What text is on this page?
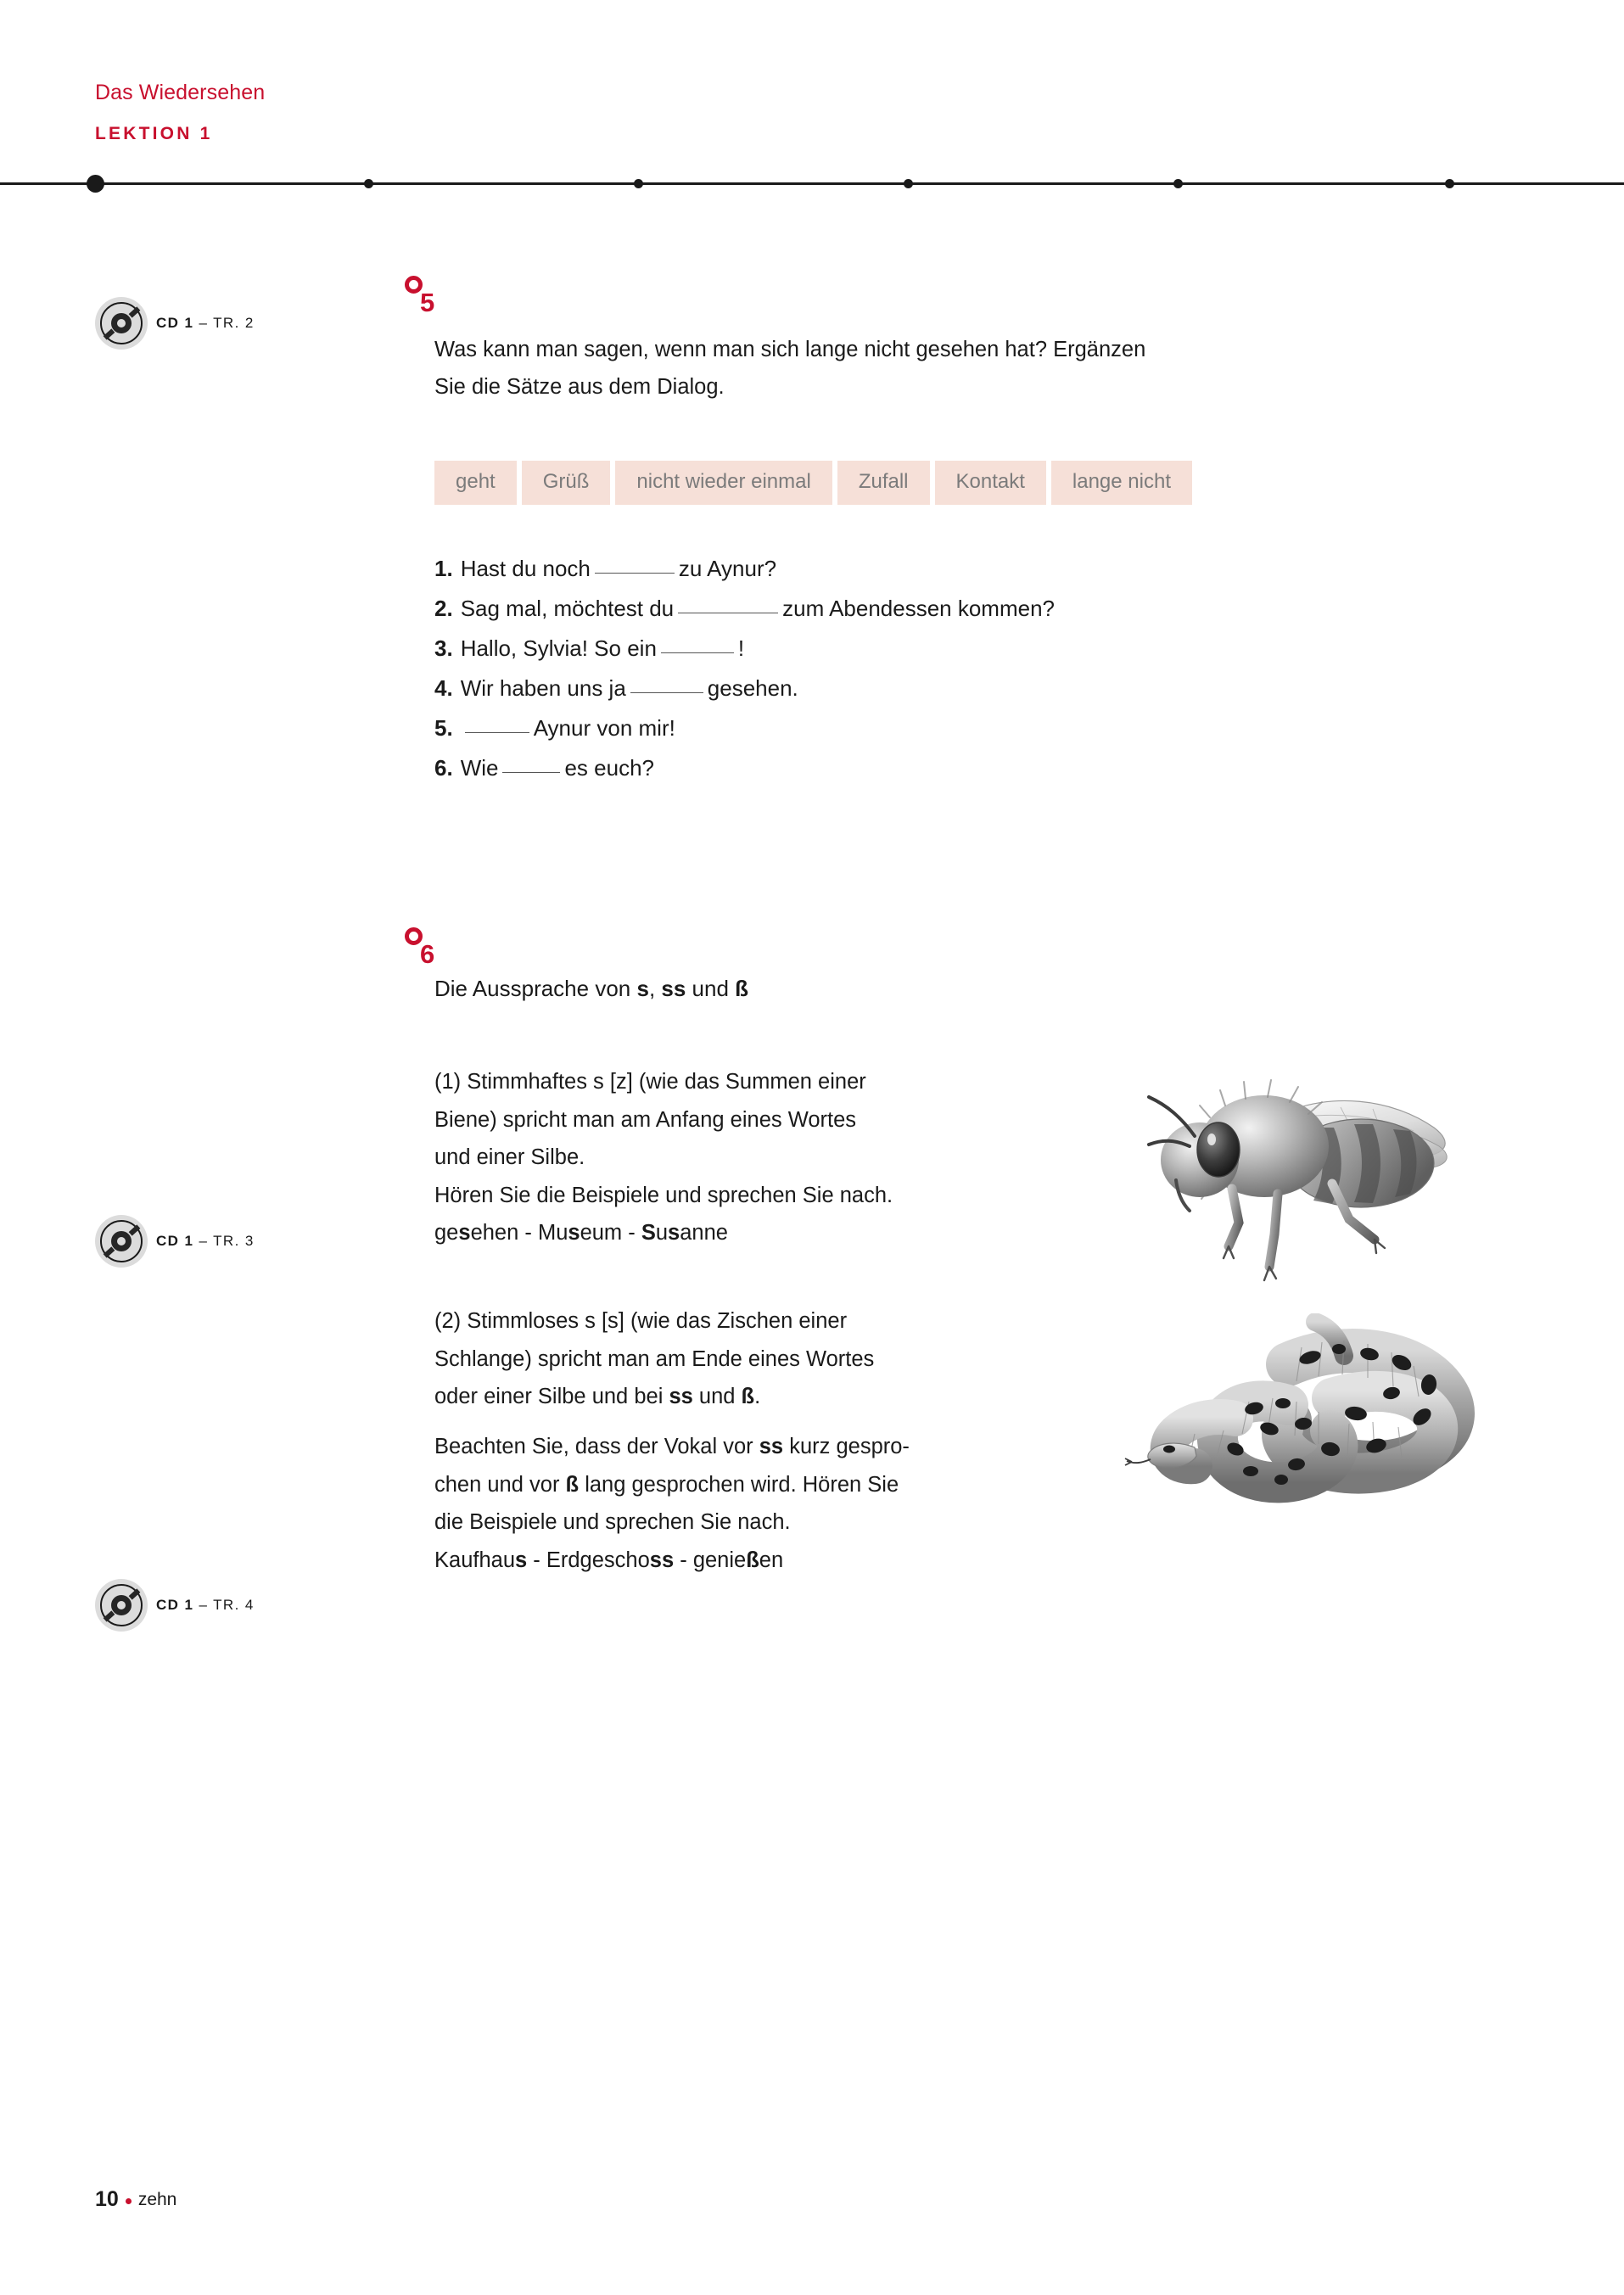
Das Wiedersehen
LEKTION 1
CD 1 – TR. 2
CD 1 – TR. 3
CD 1 – TR. 4
5
Was kann man sagen, wenn man sich lange nicht gesehen hat? Ergänzen
Sie die Sätze aus dem Dialog.
geht	Grüß	nicht wieder einmal	Zufall	Kontakt	lange nicht
1. Hast du noch	zu Aynur?
2. Sag mal, möchtest du	zum Abendessen kommen?
3. Hallo, Sylvia! So ein	!
4. Wir haben uns ja	gesehen.
5.	Aynur von mir!
6. Wie	es euch?
6
Die Aussprache von s, ss und ß
(1) Stimmhaftes s [z] (wie das Summen einer
Biene) spricht man am Anfang eines Wortes
und einer Silbe.
Hören Sie die Beispiele und sprechen Sie nach.
gesehen - Museum - Susanne
(2) Stimmloses s [s] (wie das Zischen einer
Schlange) spricht man am Ende eines Wortes
oder einer Silbe und bei ss und ß.
Beachten Sie, dass der Vokal vor ss kurz gespro-
chen und vor ß lang gesprochen wird. Hören Sie
die Beispiele und sprechen Sie nach.
Kaufhaus - Erdgeschoss - genießen
10 zehn
